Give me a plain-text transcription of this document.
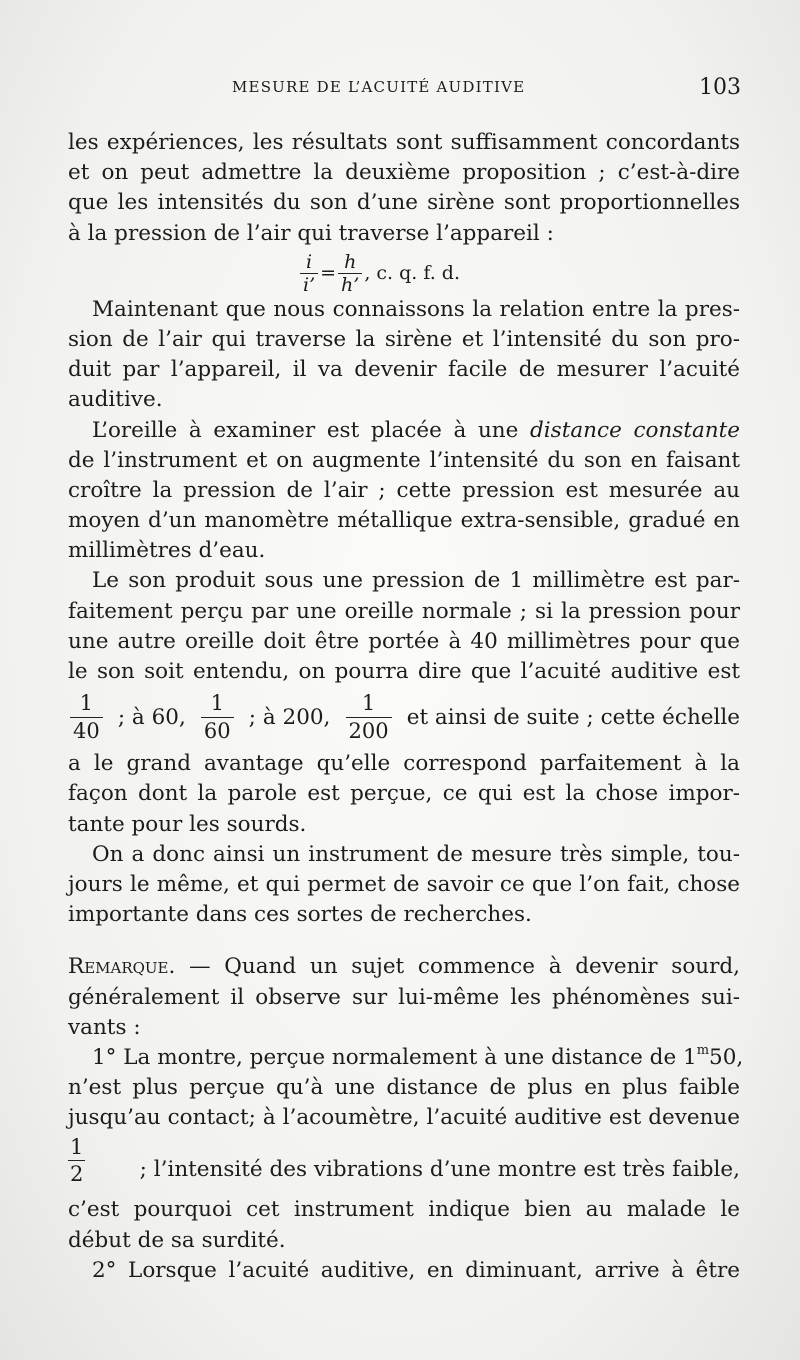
MESURE DE L’ACUITÉ AUDITIVE	103
les expériences, les résultats sont suffisamment concordants
et on peut admettre la deuxième proposition ; c’est-à-dire
que les intensités du son d’une sirène sont proportionnelles
à la pression de l’air qui traverse l’appareil :
$\frac{i}{i’} = \frac{h}{h’}$ , c. q. f. d.
Maintenant que nous connaissons la relation entre la pres-
sion de l’air qui traverse la sirène et l’intensité du son pro-
duit par l’appareil, il va devenir facile de mesurer l’acuité
auditive.
L’oreille à examiner est placée à une distance constante
de l’instrument et on augmente l’intensité du son en faisant
croître la pression de l’air ; cette pression est mesurée au
moyen d’un manomètre métallique extra-sensible, gradué en
millimètres d’eau.
Le son produit sous une pression de 1 millimètre est par-
faitement perçu par une oreille normale ; si la pression pour
une autre oreille doit être portée à 40 millimètres pour que
le son soit entendu, on pourra dire que l’acuité auditive est
$\frac{1}{40}$ ; à 60, $\frac{1}{60}$ ; à 200, $\frac{1}{200}$ et ainsi de suite ; cette échelle
a le grand avantage qu’elle correspond parfaitement à la
façon dont la parole est perçue, ce qui est la chose impor-
tante pour les sourds.
On a donc ainsi un instrument de mesure très simple, tou-
jours le même, et qui permet de savoir ce que l’on fait, chose
importante dans ces sortes de recherches.
Remarque. — Quand un sujet commence à devenir sourd,
généralement il observe sur lui-même les phénomènes sui-
vants :
1° La montre, perçue normalement à une distance de 1$^m$50,
n’est plus perçue qu’à une distance de plus en plus faible
jusqu’au contact; à l’acoumètre, l’acuité auditive est devenue
$\frac{1}{2}$	; l’intensité des vibrations d’une montre est très faible,
c’est pourquoi cet instrument indique bien au malade le
début de sa surdité.
2° Lorsque l’acuité auditive, en diminuant, arrive à être
